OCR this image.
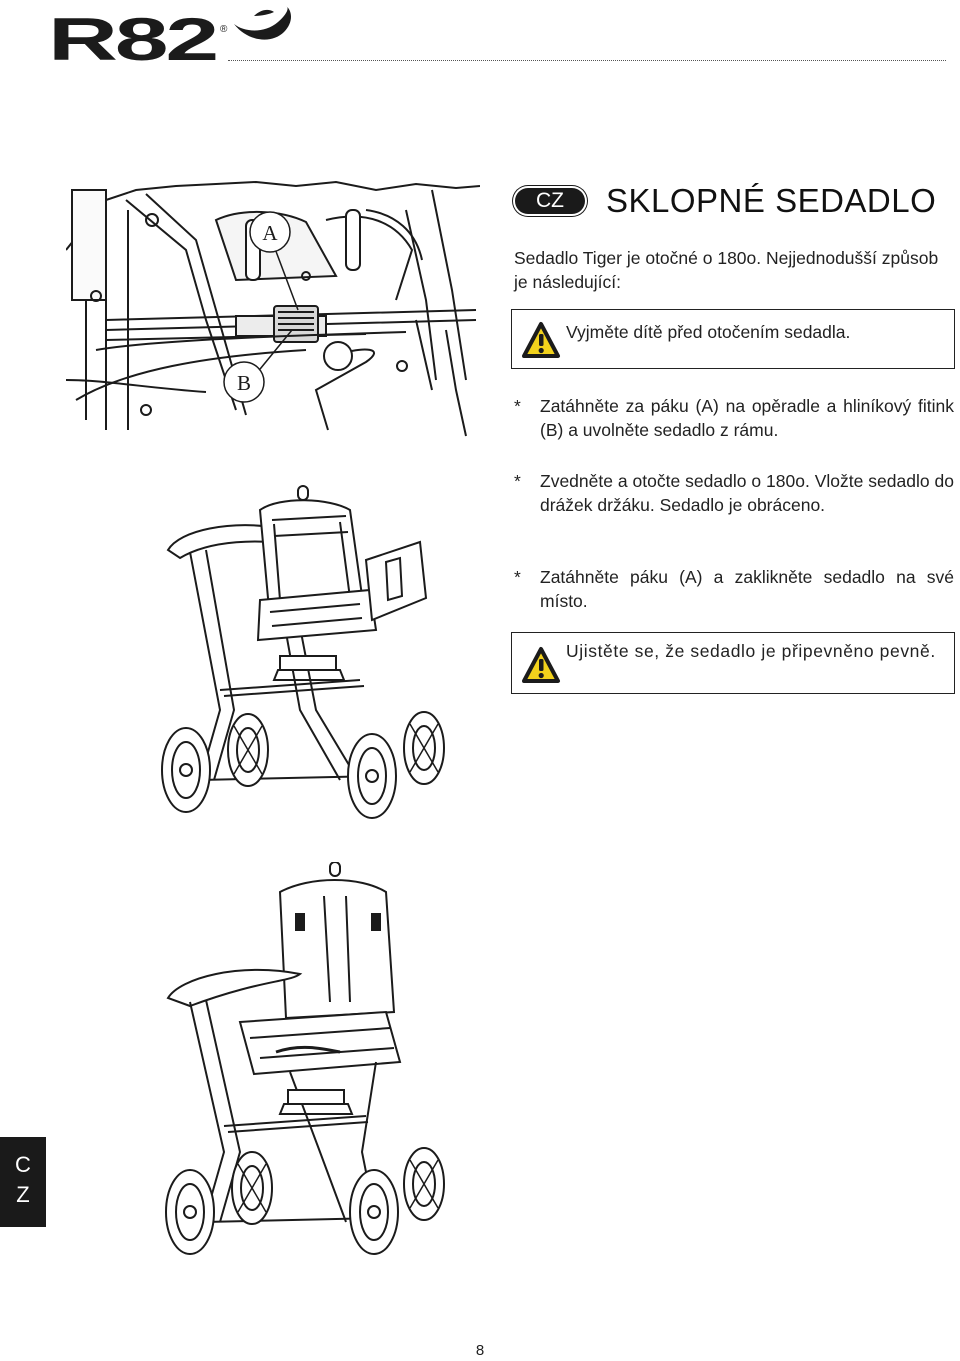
R82 ®
A
B
CZ	SKLOPNÉ SEDADLO
Sedadlo Tiger je otočné o 180o. Nejjednodušší způsob je následující:
Vyjměte dítě před otočením sedadla.
*	Zatáhněte za páku (A) na opěradle a hliníkový fitink (B) a uvolněte sedadlo z rámu.
*	Zvedněte a otočte sedadlo o 180o. Vložte sedadlo do drážek držáku. Sedadlo je obráceno.
*	Zatáhněte páku (A) a zaklikněte sedadlo na své místo.
Ujistěte se, že sedadlo je připevněno pevně.
C
Z
8
